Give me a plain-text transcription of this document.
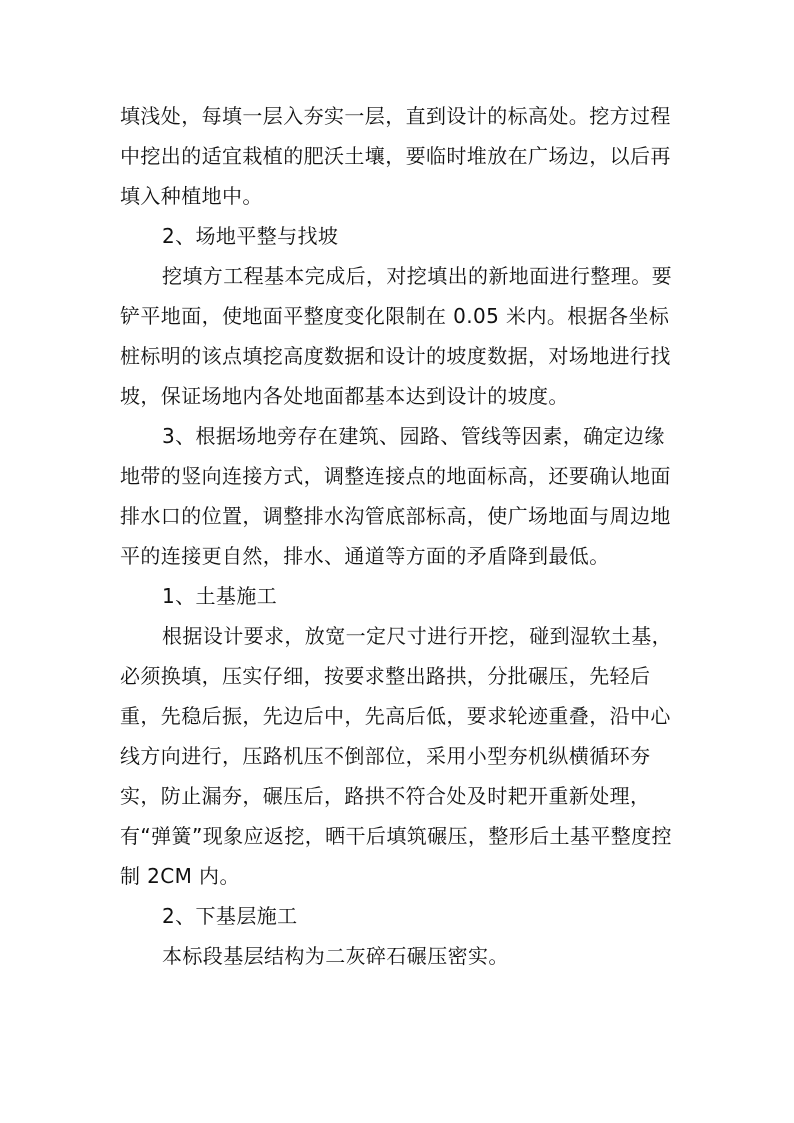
填浅处，每填一层入夯实一层，直到设计的标高处。挖方过程中挖出的适宜栽植的肥沃土壤，要临时堆放在广场边，以后再填入种植地中。

2、场地平整与找坡

挖填方工程基本完成后，对挖填出的新地面进行整理。要铲平地面，使地面平整度变化限制在 0.05 米内。根据各坐标桩标明的该点填挖高度数据和设计的坡度数据，对场地进行找坡，保证场地内各处地面都基本达到设计的坡度。

3、根据场地旁存在建筑、园路、管线等因素，确定边缘地带的竖向连接方式，调整连接点的地面标高，还要确认地面排水口的位置，调整排水沟管底部标高，使广场地面与周边地平的连接更自然，排水、通道等方面的矛盾降到最低。

1、土基施工

根据设计要求，放宽一定尺寸进行开挖，碰到湿软土基，必须换填，压实仔细，按要求整出路拱，分批碾压，先轻后重，先稳后振，先边后中，先高后低，要求轮迹重叠，沿中心线方向进行，压路机压不倒部位，采用小型夯机纵横循环夯实，防止漏夯，碾压后，路拱不符合处及时耙开重新处理，有“弹簧”现象应返挖，晒干后填筑碾压，整形后土基平整度控制 2CM 内。

2、下基层施工

本标段基层结构为二灰碎石碾压密实。
